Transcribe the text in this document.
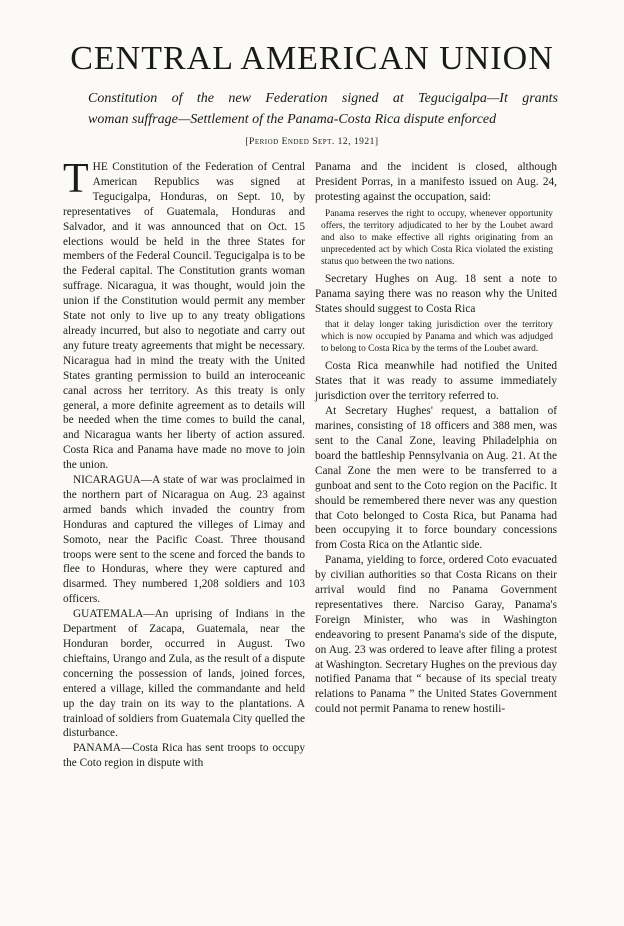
CENTRAL AMERICAN UNION
Constitution of the new Federation signed at Tegucigalpa—It grants
woman suffrage—Settlement of the Panama-Costa Rica dispute enforced
[Period Ended Sept. 12, 1921]

THE Constitution of the Federation of Central American Republics was signed at Tegucigalpa, Honduras, on Sept. 10, by representatives of Guatemala, Honduras and Salvador, and it was announced that on Oct. 15 elections would be held in the three States for members of the Federal Council. Tegucigalpa is to be the Federal capital. The Constitution grants woman suffrage. Nicaragua, it was thought, would join the union if the Constitution would permit any member State not only to live up to any treaty obligations already incurred, but also to negotiate and carry out any future treaty agreements that might be necessary. Nicaragua had in mind the treaty with the United States granting permission to build an interoceanic canal across her territory. As this treaty is only general, a more definite agreement as to details will be needed when the time comes to build the canal, and Nicaragua wants her liberty of action assured. Costa Rica and Panama have made no move to join the union.

NICARAGUA—A state of war was proclaimed in the northern part of Nicaragua on Aug. 23 against armed bands which invaded the country from Honduras and captured the villeges of Limay and Somoto, near the Pacific Coast. Three thousand troops were sent to the scene and forced the bands to flee to Honduras, where they were captured and disarmed. They numbered 1,208 soldiers and 103 officers.

GUATEMALA—An uprising of Indians in the Department of Zacapa, Guatemala, near the Honduran border, occurred in August. Two chieftains, Urango and Zula, as the result of a dispute concerning the possession of lands, joined forces, entered a village, killed the commandante and held up the day train on its way to the plantations. A trainload of soldiers from Guatemala City quelled the disturbance.

PANAMA—Costa Rica has sent troops to occupy the Coto region in dispute with

Panama and the incident is closed, although President Porras, in a manifesto issued on Aug. 24, protesting against the occupation, said:

Panama reserves the right to occupy, whenever opportunity offers, the territory adjudicated to her by the Loubet award and also to make effective all rights originating from an unprecedented act by which Costa Rica violated the existing status quo between the two nations.

Secretary Hughes on Aug. 18 sent a note to Panama saying there was no reason why the United States should suggest to Costa Rica

that it delay longer taking jurisdiction over the territory which is now occupied by Panama and which was adjudged to belong to Costa Rica by the terms of the Loubet award.

Costa Rica meanwhile had notified the United States that it was ready to assume immediately jurisdiction over the territory referred to.

At Secretary Hughes' request, a battalion of marines, consisting of 18 officers and 388 men, was sent to the Canal Zone, leaving Philadelphia on board the battleship Pennsylvania on Aug. 21. At the Canal Zone the men were to be transferred to a gunboat and sent to the Coto region on the Pacific. It should be remembered there never was any question that Coto belonged to Costa Rica, but Panama had been occupying it to force boundary concessions from Costa Rica on the Atlantic side.

Panama, yielding to force, ordered Coto evacuated by civilian authorities so that Costa Ricans on their arrival would find no Panama Government representatives there. Narciso Garay, Panama's Foreign Minister, who was in Washington endeavoring to present Panama's side of the dispute, on Aug. 23 was ordered to leave after filing a protest at Washington. Secretary Hughes on the previous day notified Panama that “ because of its special treaty relations to Panama ” the United States Government could not permit Panama to renew hostili-
